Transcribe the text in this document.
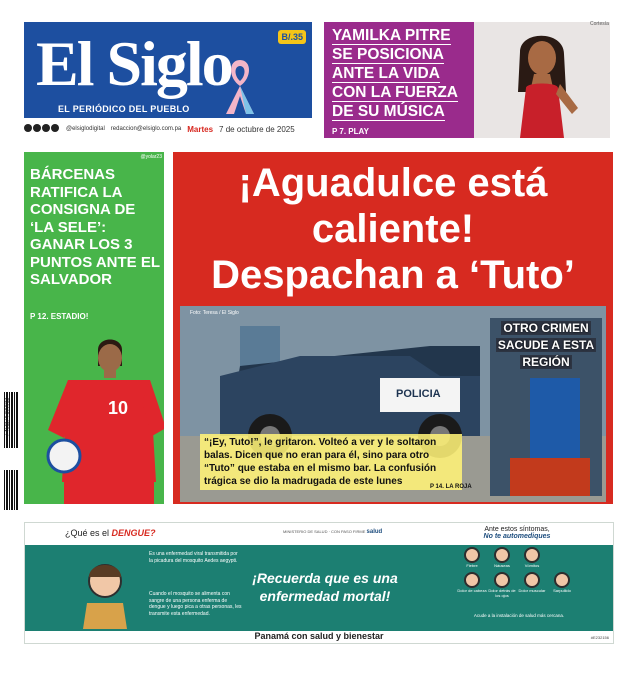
El Siglo	B/.35
EL PERIÓDICO DEL PUEBLO
@elsiglodigital redaccion@elsiglo.com.pa Martes 7 de octubre de 2025
YAMILKA PITRE
SE POSICIONA
ANTE LA VIDA
CON LA FUERZA
DE SU MÚSICA
P 7. PLAY
Cortesía
@yolar23
BÁRCENAS RATIFICA LA CONSIGNA DE ‘LA SELE’: GANAR LOS 3 PUNTOS ANTE EL SALVADOR
P 12. ESTADIO!
10
¡Aguadulce está
caliente!
Despachan a ‘Tuto’
Foto: Teresa / El Siglo
POLICIA
“¡Ey, Tuto!”, le gritaron. Volteó a ver y le soltaron balas. Dicen que no eran para él, sino para otro “Tuto” que estaba en el mismo bar. La confusión trágica se dio la madrugada de este lunes	P 14. LA ROJA
OTRO CRIMEN
SACUDE A ESTA
REGIÓN
7 451174 100012
¿Qué es el DENGUE?	MINISTERIO DE SALUD · CON PASO FIRME salud	Ante estos síntomas,
No te automediques
Es una enfermedad viral transmitida por la picadura del mosquito Aedes aegypti.
Cuando el mosquito se alimenta con sangre de una persona enferma de dengue y luego pica a otras personas, les transmite esta enfermedad.
¡Recuerda que es una
enfermedad mortal!
Fiebre	Náuseas	Vómitos
Dolor de cabeza Dolor detrás de los ojos
Dolor muscular Sarpullido
Acude a la instalación de salud más cercana.
Panamá con salud y bienestar	#E232156
